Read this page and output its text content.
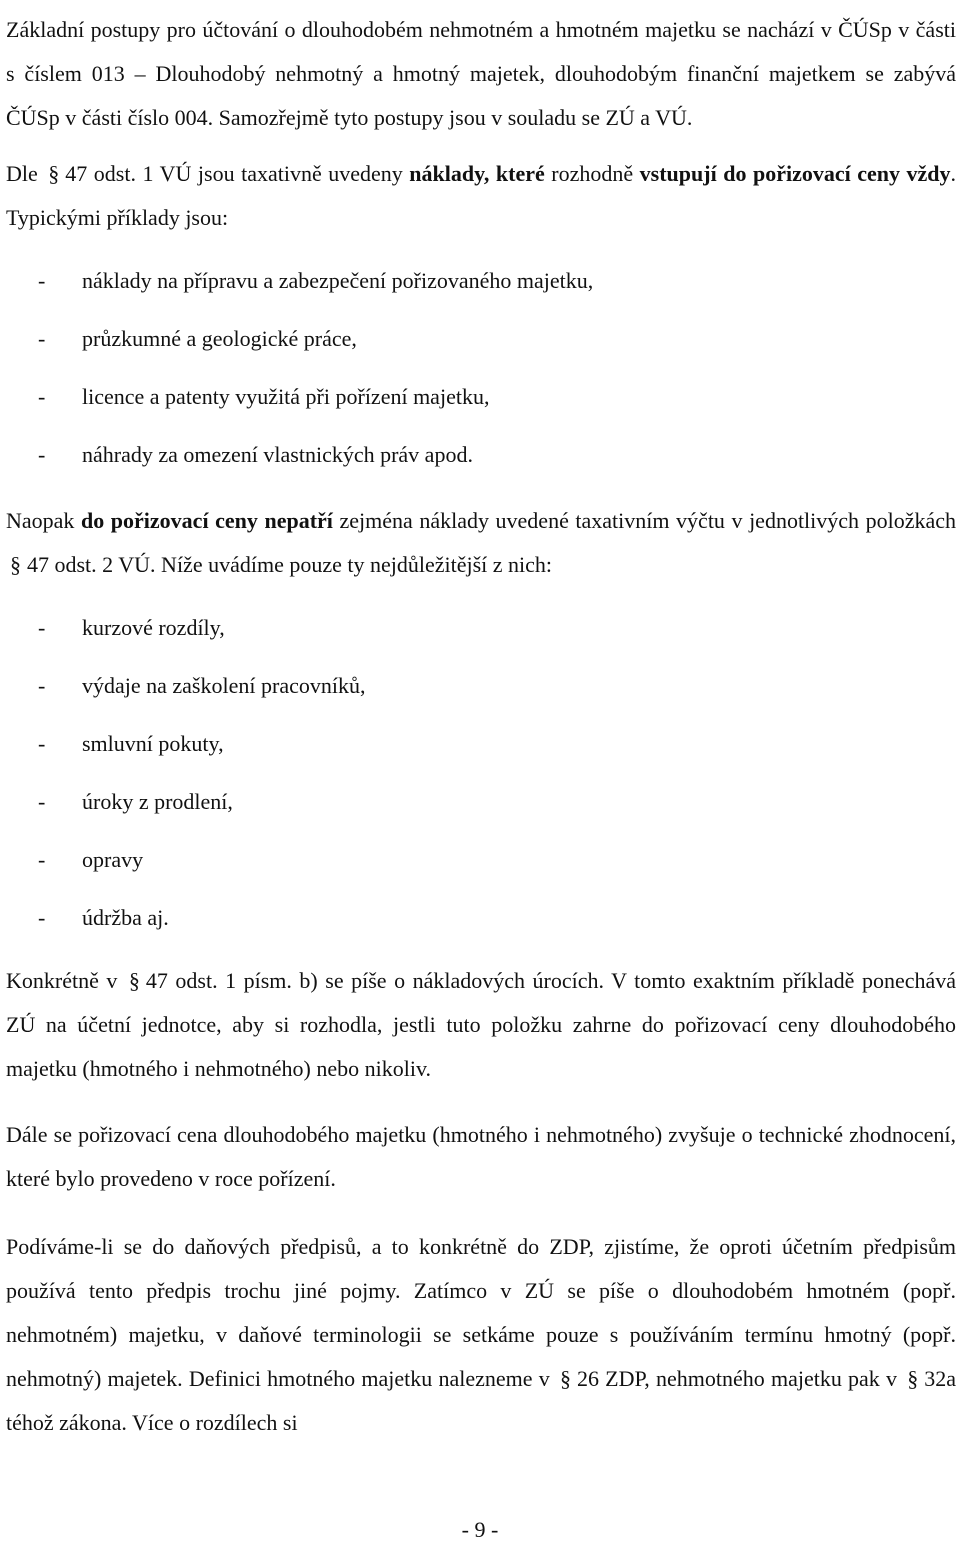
Základní postupy pro účtování o dlouhodobém nehmotném a hmotném majetku se nachází v ČÚSp v části s číslem 013 – Dlouhodobý nehmotný a hmotný majetek, dlouhodobým finanční majetkem se zabývá ČÚSp v části číslo 004. Samozřejmě tyto postupy jsou v souladu se ZÚ a VÚ.

Dle § 47 odst. 1 VÚ jsou taxativně uvedeny náklady, které rozhodně vstupují do pořizovací ceny vždy. Typickými příklady jsou:

- náklady na přípravu a zabezpečení pořizovaného majetku,
- průzkumné a geologické práce,
- licence a patenty využitá při pořízení majetku,
- náhrady za omezení vlastnických práv apod.

Naopak do pořizovací ceny nepatří zejména náklady uvedené taxativním výčtu v jednotlivých položkách § 47 odst. 2 VÚ. Níže uvádíme pouze ty nejdůležitější z nich:

- kurzové rozdíly,
- výdaje na zaškolení pracovníků,
- smluvní pokuty,
- úroky z prodlení,
- opravy
- údržba aj.

Konkrétně v § 47 odst. 1 písm. b) se píše o nákladových úrocích. V tomto exaktním příkladě ponechává ZÚ na účetní jednotce, aby si rozhodla, jestli tuto položku zahrne do pořizovací ceny dlouhodobého majetku (hmotného i nehmotného) nebo nikoliv.

Dále se pořizovací cena dlouhodobého majetku (hmotného i nehmotného) zvyšuje o technické zhodnocení, které bylo provedeno v roce pořízení.

Podíváme-li se do daňových předpisů, a to konkrétně do ZDP, zjistíme, že oproti účetním předpisům používá tento předpis trochu jiné pojmy. Zatímco v ZÚ se píše o dlouhodobém hmotném (popř. nehmotném) majetku, v daňové terminologii se setkáme pouze s používáním termínu hmotný (popř. nehmotný) majetek. Definici hmotného majetku nalezneme v § 26 ZDP, nehmotného majetku pak v § 32a téhož zákona. Více o rozdílech si

- 9 -
